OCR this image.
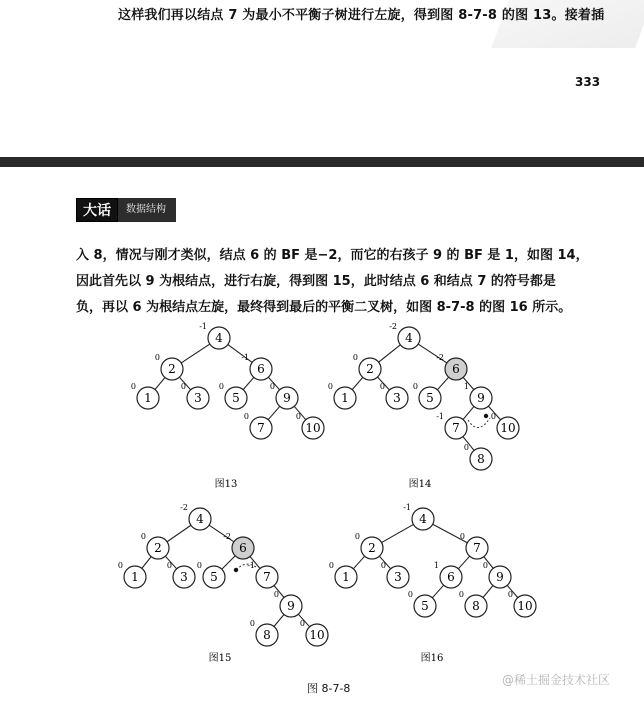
这样我们再以结点 7 为最小不平衡子树进行左旋，得到图 8-7-8 的图 13。接着插
333
大话	数据结构
入 8，情况与刚才类似，结点 6 的 BF 是−2，而它的右孩子 9 的 BF 是 1，如图 14，
因此首先以 9 为根结点，进行右旋，得到图 15，此时结点 6 和结点 7 的符号都是
负，再以 6 为根结点左旋，最终得到最后的平衡二叉树，如图 8-7-8 的图 16 所示。
4
-1
2
0
6
-1
1
0
3
0
5
0
9
0
7
0
10
0
图13
4
-2
2
0
6
-2
1
0
3
0
5
0
9
1
7
-1
10
0
8
0
图14
4
-2
2
0
6
-2
1
0
3
0
5
0
7
-1
9
0
8
0
10
0
图15
4
-1
2
0
7
0
1
0
3
0
6
1
9
0
5
0
8
0
10
0
图16
图 8-7-8
@稀土掘金技术社区
